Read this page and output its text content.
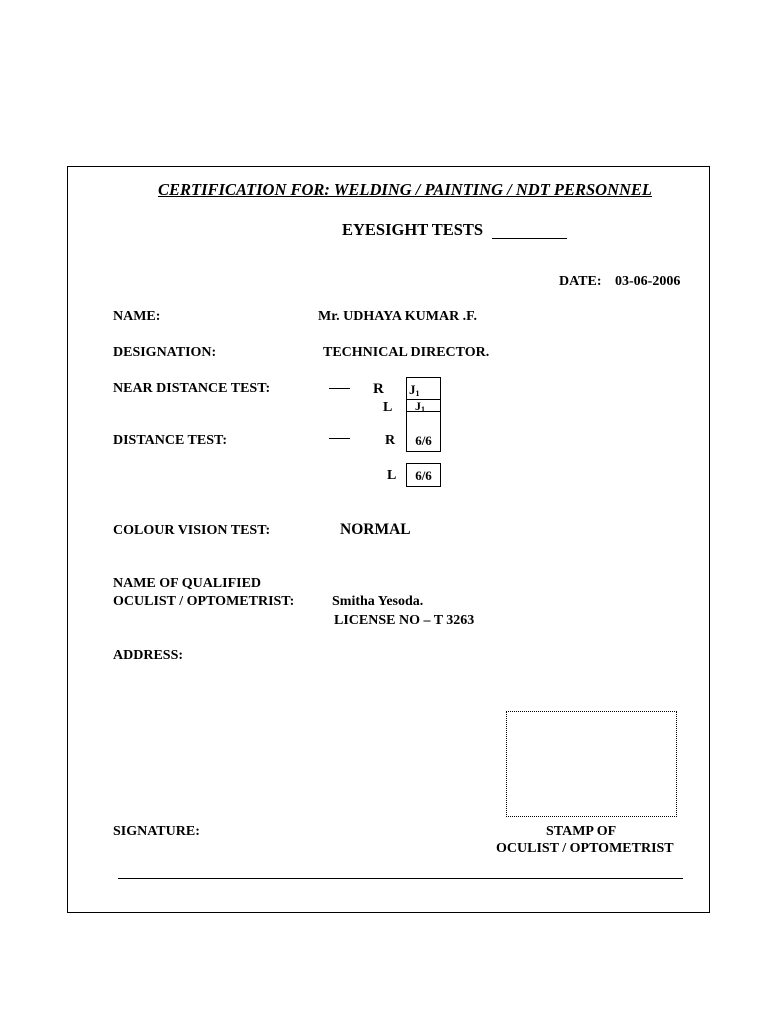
CERTIFICATION FOR: WELDING / PAINTING / NDT PERSONNEL
EYESIGHT TESTS
DATE: 03-06-2006
NAME:	Mr. UDHAYA KUMAR .F.
DESIGNATION:	TECHNICAL DIRECTOR.
NEAR DISTANCE TEST:	R $J_1$
L	$J_1$
DISTANCE TEST:	R	6/6
L	6/6
COLOUR VISION TEST:	NORMAL
NAME OF QUALIFIED
OCULIST / OPTOMETRIST:	Smitha Yesoda.
LICENSE NO – T 3263
ADDRESS:
SIGNATURE:	STAMP OF
OCULIST / OPTOMETRIST
